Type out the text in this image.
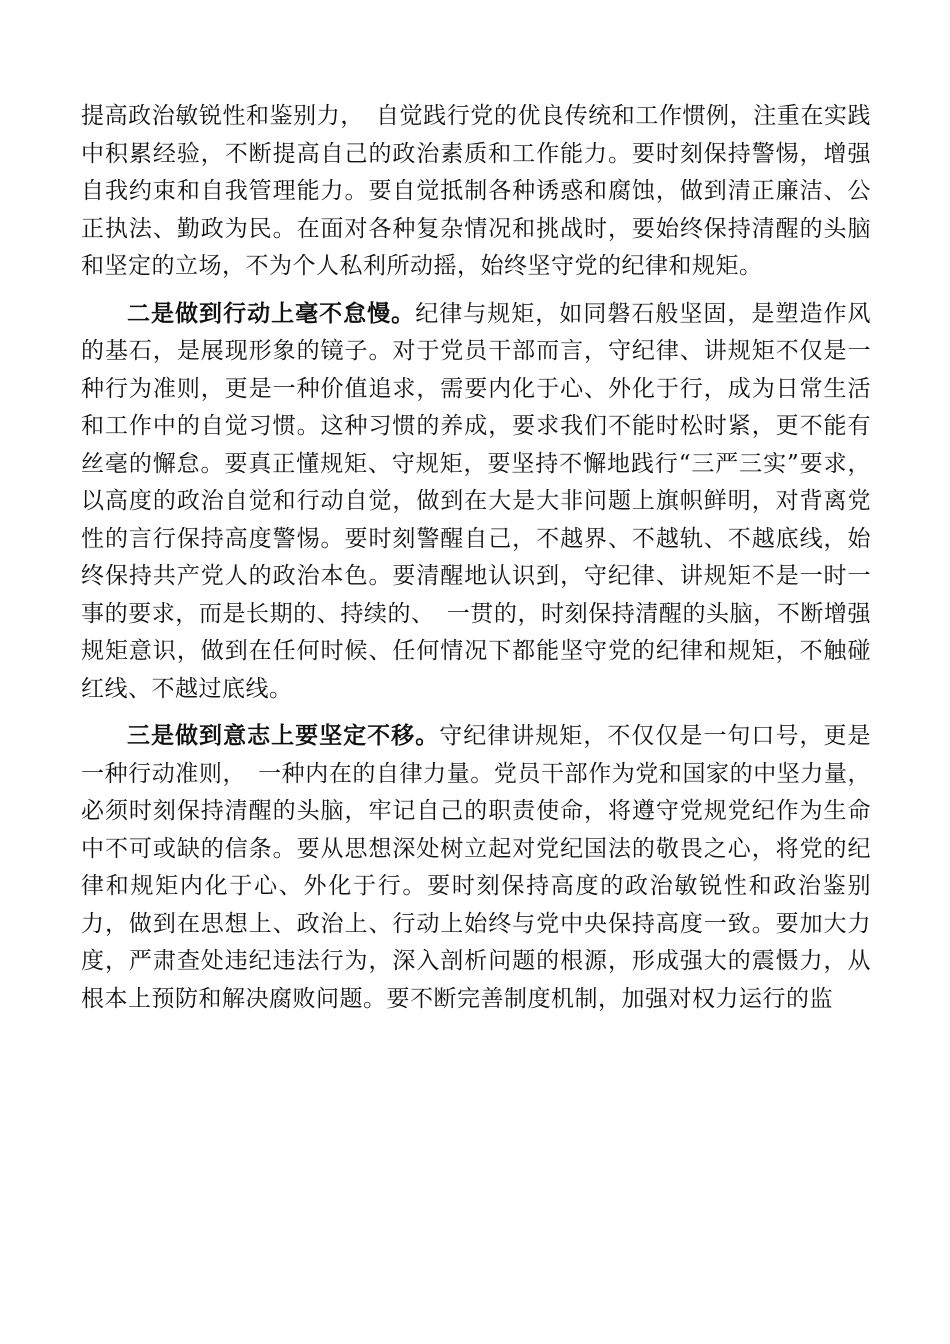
提高政治敏锐性和鉴别力，　自觉践行党的优良传统和工作惯例，注重在实践中积累经验，不断提高自己的政治素质和工作能力。要时刻保持警惕，增强自我约束和自我管理能力。要自觉抵制各种诱惑和腐蚀，做到清正廉洁、公正执法、勤政为民。在面对各种复杂情况和挑战时，要始终保持清醒的头脑和坚定的立场，不为个人私利所动摇，始终坚守党的纪律和规矩。

二是做到行动上毫不怠慢。纪律与规矩，如同磐石般坚固，是塑造作风的基石，是展现形象的镜子。对于党员干部而言，守纪律、讲规矩不仅是一种行为准则，更是一种价值追求，需要内化于心、外化于行，成为日常生活和工作中的自觉习惯。这种习惯的养成，要求我们不能时松时紧，更不能有丝毫的懈怠。要真正懂规矩、守规矩，要坚持不懈地践行“三严三实”要求，以高度的政治自觉和行动自觉，做到在大是大非问题上旗帜鲜明，对背离党性的言行保持高度警惕。要时刻警醒自己，不越界、不越轨、不越底线，始终保持共产党人的政治本色。要清醒地认识到，守纪律、讲规矩不是一时一事的要求，而是长期的、持续的、　一贯的，时刻保持清醒的头脑，不断增强规矩意识，做到在任何时候、任何情况下都能坚守党的纪律和规矩，不触碰红线、不越过底线。

三是做到意志上要坚定不移。守纪律讲规矩，不仅仅是一句口号，更是一种行动准则，　一种内在的自律力量。党员干部作为党和国家的中坚力量，必须时刻保持清醒的头脑，牢记自己的职责使命，将遵守党规党纪作为生命中不可或缺的信条。要从思想深处树立起对党纪国法的敬畏之心，将党的纪律和规矩内化于心、外化于行。要时刻保持高度的政治敏锐性和政治鉴别力，做到在思想上、政治上、行动上始终与党中央保持高度一致。要加大力度，严肃查处违纪违法行为，深入剖析问题的根源，形成强大的震慑力，从根本上预防和解决腐败问题。要不断完善制度机制，加强对权力运行的监
